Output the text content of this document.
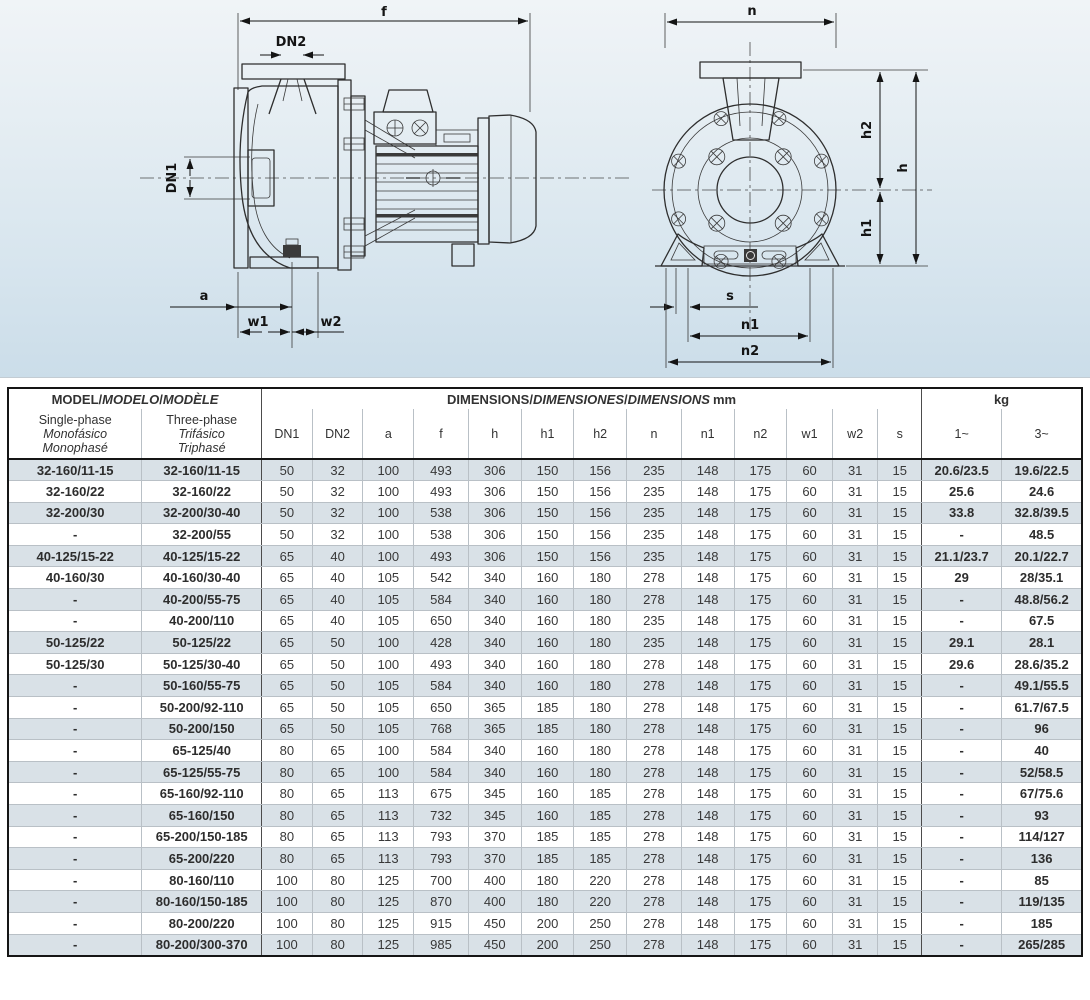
f
DN2
DN1
a
w1	w2
n
s
n1
n2
h2
h
h1
MODEL/MODELO/MODÈLE		DIMENSIONS/DIMENSIONES/DIMENSIONS mm													kg	

Single-phase
Monofásico
Monophasé

Three-phase
Trifásico
Triphasé
	DN1	DN2	a	f	h	h1	h2	n	n1	n2	w1	w2	s	1~	3~
32-160/11-15	32-160/11-15	50	32	100	493	306	150	156	235	148	175	60	31	15	20.6/23.5	19.6/22.5
32-160/22	32-160/22	50	32	100	493	306	150	156	235	148	175	60	31	15	25.6	24.6
32-200/30	32-200/30-40	50	32	100	538	306	150	156	235	148	175	60	31	15	33.8	32.8/39.5
-	32-200/55	50	32	100	538	306	150	156	235	148	175	60	31	15	-	48.5
40-125/15-22	40-125/15-22	65	40	100	493	306	150	156	235	148	175	60	31	15	21.1/23.7	20.1/22.7
40-160/30	40-160/30-40	65	40	105	542	340	160	180	278	148	175	60	31	15	29	28/35.1
-	40-200/55-75	65	40	105	584	340	160	180	278	148	175	60	31	15	-	48.8/56.2
-	40-200/110	65	40	105	650	340	160	180	235	148	175	60	31	15	-	67.5
50-125/22	50-125/22	65	50	100	428	340	160	180	235	148	175	60	31	15	29.1	28.1
50-125/30	50-125/30-40	65	50	100	493	340	160	180	278	148	175	60	31	15	29.6	28.6/35.2
-	50-160/55-75	65	50	105	584	340	160	180	278	148	175	60	31	15	-	49.1/55.5
-	50-200/92-110	65	50	105	650	365	185	180	278	148	175	60	31	15	-	61.7/67.5
-	50-200/150	65	50	105	768	365	185	180	278	148	175	60	31	15	-	96
-	65-125/40	80	65	100	584	340	160	180	278	148	175	60	31	15	-	40
-	65-125/55-75	80	65	100	584	340	160	180	278	148	175	60	31	15	-	52/58.5
-	65-160/92-110	80	65	113	675	345	160	185	278	148	175	60	31	15	-	67/75.6
-	65-160/150	80	65	113	732	345	160	185	278	148	175	60	31	15	-	93
-	65-200/150-185	80	65	113	793	370	185	185	278	148	175	60	31	15	-	114/127
-	65-200/220	80	65	113	793	370	185	185	278	148	175	60	31	15	-	136
-	80-160/110	100	80	125	700	400	180	220	278	148	175	60	31	15	-	85
-	80-160/150-185	100	80	125	870	400	180	220	278	148	175	60	31	15	-	119/135
-	80-200/220	100	80	125	915	450	200	250	278	148	175	60	31	15	-	185
-	80-200/300-370	100	80	125	985	450	200	250	278	148	175	60	31	15	-	265/285
